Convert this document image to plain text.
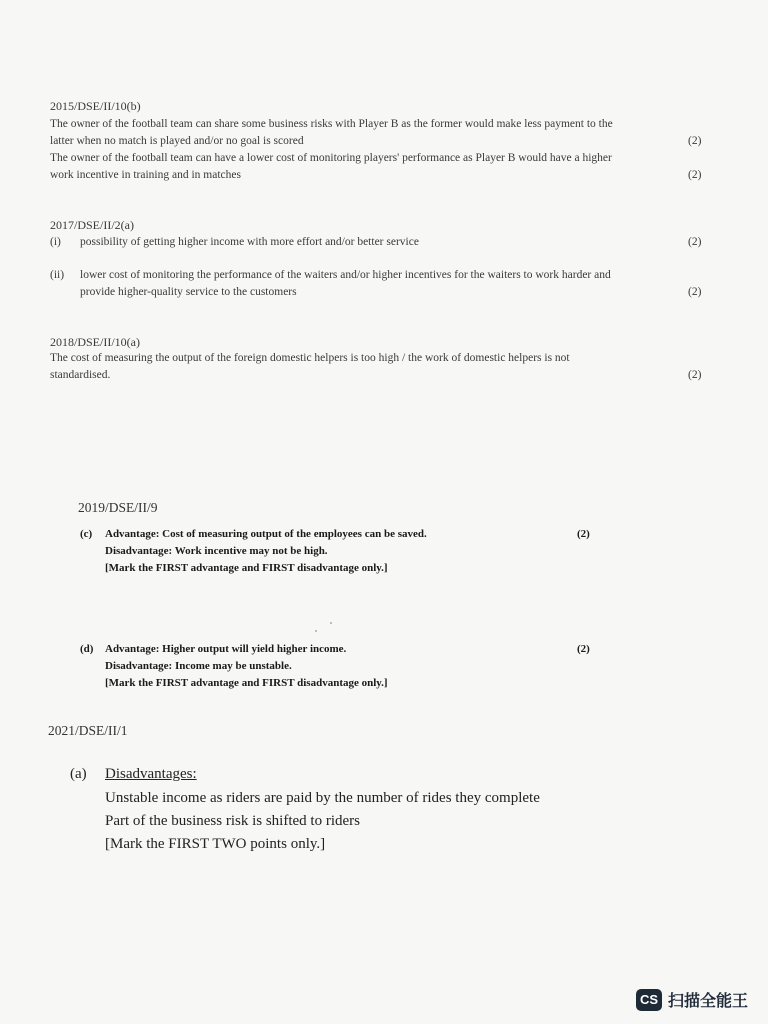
2015/DSE/II/10(b)
The owner of the football team can share some business risks with Player B as the former would make less payment to the
latter when no match is played and/or no goal is scored	(2)
The owner of the football team can have a lower cost of monitoring players' performance as Player B would have a higher
work incentive in training and in matches	(2)
2017/DSE/II/2(a)
(i) possibility of getting higher income with more effort and/or better service	(2)
(ii) lower cost of monitoring the performance of the waiters and/or higher incentives for the waiters to work harder and
provide higher-quality service to the customers	(2)
2018/DSE/II/10(a)
The cost of measuring the output of the foreign domestic helpers is too high / the work of domestic helpers is not
standardised.	(2)
2019/DSE/II/9
(c) Advantage: Cost of measuring output of the employees can be saved.	(2)
Disadvantage: Work incentive may not be high.
[Mark the FIRST advantage and FIRST disadvantage only.]
(d) Advantage: Higher output will yield higher income.	(2)
Disadvantage: Income may be unstable.
[Mark the FIRST advantage and FIRST disadvantage only.]
2021/DSE/II/1
(a) Disadvantages:
Unstable income as riders are paid by the number of rides they complete
Part of the business risk is shifted to riders
[Mark the FIRST TWO points only.]
CS 扫描全能王
